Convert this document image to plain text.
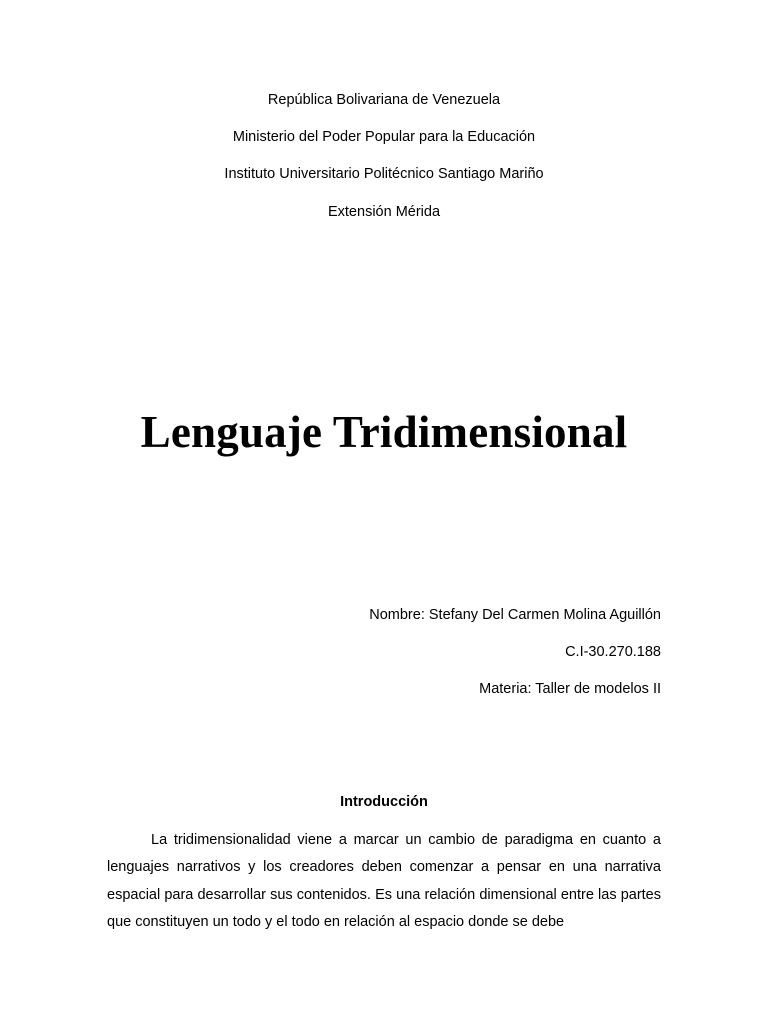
República Bolivariana de Venezuela
Ministerio del Poder Popular para la Educación
Instituto Universitario Politécnico Santiago Mariño
Extensión Mérida
Lenguaje Tridimensional
Nombre: Stefany Del Carmen Molina Aguillón
C.I-30.270.188
Materia: Taller de modelos II
Introducción

La tridimensionalidad viene a marcar un cambio de paradigma en cuanto a lenguajes narrativos y los creadores deben comenzar a pensar en una narrativa espacial para desarrollar sus contenidos. Es una relación dimensional entre las partes que constituyen un todo y el todo en relación al espacio donde se debe
